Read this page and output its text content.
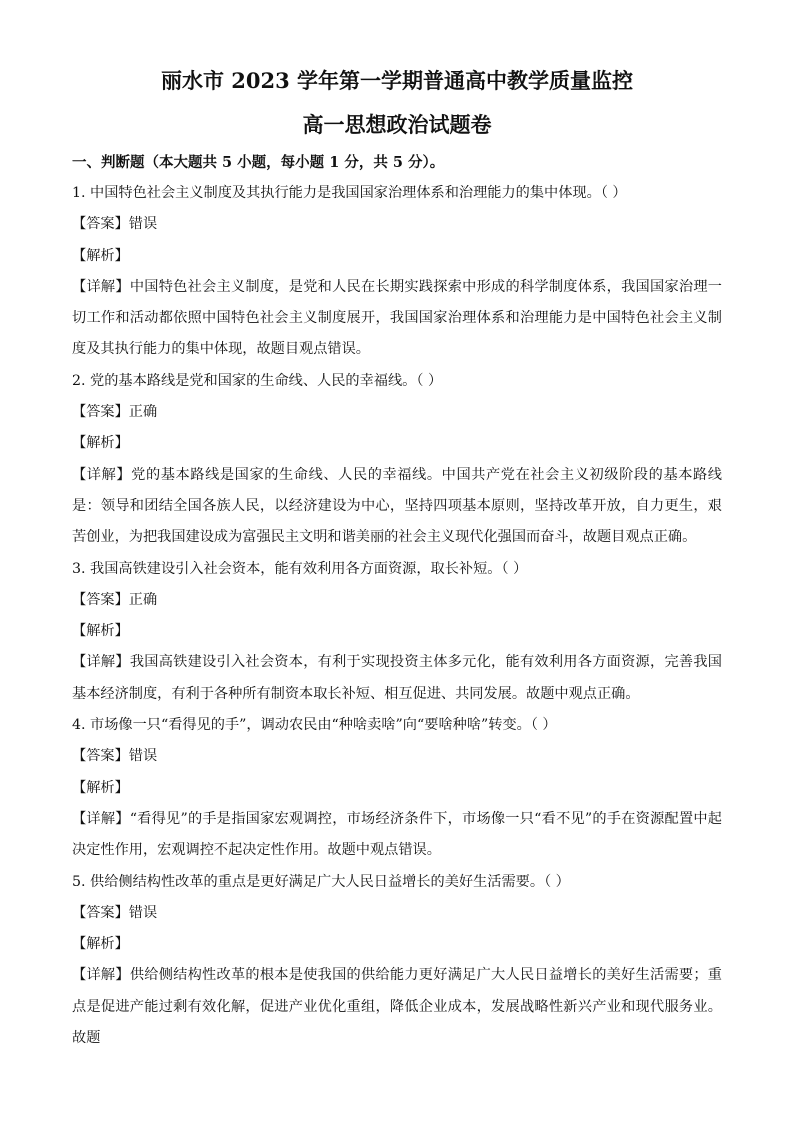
丽水市 2023 学年第一学期普通高中教学质量监控
高一思想政治试题卷

一、判断题（本大题共 5 小题，每小题 1 分，共 5 分）。

1. 中国特色社会主义制度及其执行能力是我国国家治理体系和治理能力的集中体现。（ ）

【答案】错误

【解析】

【详解】中国特色社会主义制度，是党和人民在长期实践探索中形成的科学制度体系，我国国家治理一切工作和活动都依照中国特色社会主义制度展开，我国国家治理体系和治理能力是中国特色社会主义制度及其执行能力的集中体现，故题目观点错误。

2. 党的基本路线是党和国家的生命线、人民的幸福线。（ ）

【答案】正确

【解析】

【详解】党的基本路线是国家的生命线、人民的幸福线。中国共产党在社会主义初级阶段的基本路线是：领导和团结全国各族人民，以经济建设为中心，坚持四项基本原则，坚持改革开放，自力更生，艰苦创业，为把我国建设成为富强民主文明和谐美丽的社会主义现代化强国而奋斗，故题目观点正确。

3. 我国高铁建设引入社会资本，能有效利用各方面资源，取长补短。（ ）

【答案】正确

【解析】

【详解】我国高铁建设引入社会资本，有利于实现投资主体多元化，能有效利用各方面资源，完善我国基本经济制度，有利于各种所有制资本取长补短、相互促进、共同发展。故题中观点正确。

4. 市场像一只“看得见的手”，调动农民由“种啥卖啥”向“要啥种啥”转变。（ ）

【答案】错误

【解析】

【详解】“看得见”的手是指国家宏观调控，市场经济条件下，市场像一只“看不见”的手在资源配置中起决定性作用，宏观调控不起决定性作用。故题中观点错误。

5. 供给侧结构性改革的重点是更好满足广大人民日益增长的美好生活需要。（ ）

【答案】错误

【解析】

【详解】供给侧结构性改革的根本是使我国的供给能力更好满足广大人民日益增长的美好生活需要；重点是促进产能过剩有效化解，促进产业优化重组，降低企业成本，发展战略性新兴产业和现代服务业。故题
